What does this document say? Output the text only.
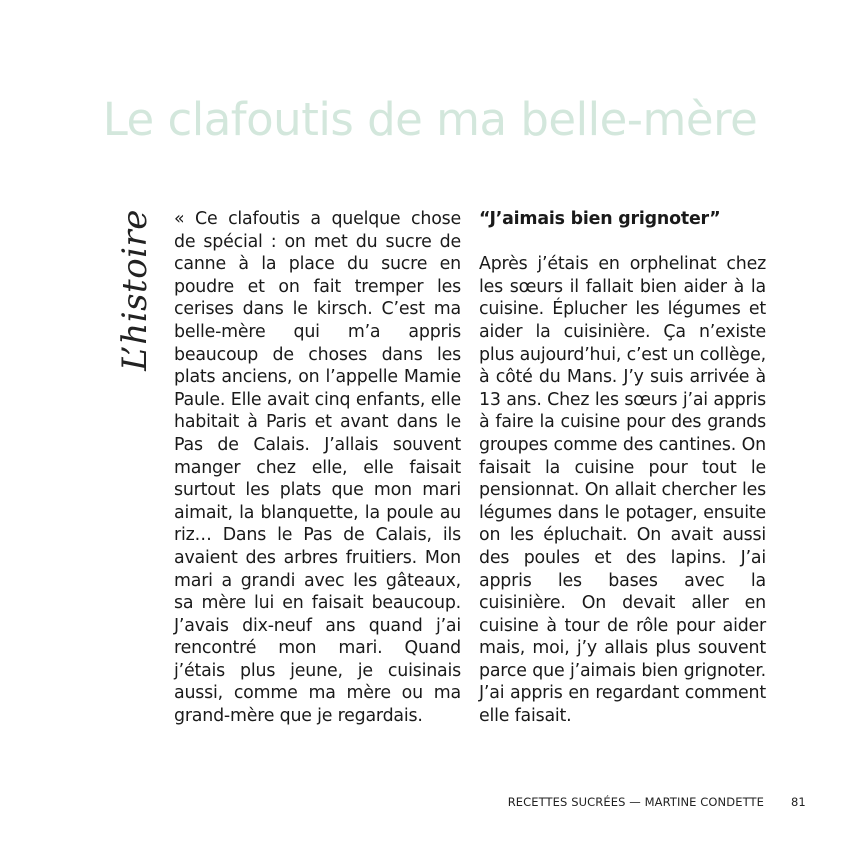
Le clafoutis de ma belle-mère
L’histoire « Ce clafoutis a quelque chose de spécial : on met du sucre de canne à la place du sucre en poudre et on fait tremper les cerises dans le kirsch. C’est ma belle-mère qui m’a appris beaucoup de choses dans les plats anciens, on l’appelle Mamie Paule. Elle avait cinq enfants, elle habitait à Paris et avant dans le Pas de Calais. J’allais souvent manger chez elle, elle faisait surtout les plats que mon mari aimait, la blanquette, la poule au riz… Dans le Pas de Calais, ils avaient des arbres fruitiers. Mon mari a grandi avec les gâteaux, sa mère lui en faisait beaucoup. J’avais dix-neuf ans quand j’ai rencontré mon mari. Quand j’étais plus jeune, je cuisinais aussi, comme ma mère ou ma grand-mère que je regardais.

“J’aimais bien grignoter”

Après j’étais en orphelinat chez les sœurs il fallait bien aider à la cuisine. Éplucher les légumes et aider la cuisinière. Ça n’existe plus aujourd’hui, c’est un collège, à côté du Mans. J’y suis arrivée à 13 ans. Chez les sœurs j’ai appris à faire la cuisine pour des grands groupes comme des cantines. On faisait la cuisine pour tout le pensionnat. On allait chercher les légumes dans le potager, ensuite on les épluchait. On avait aussi des poules et des lapins. J’ai appris les bases avec la cuisinière. On devait aller en cuisine à tour de rôle pour aider mais, moi, j’y allais plus souvent parce que j’aimais bien grignoter. J’ai appris en regardant comment elle faisait.

RECETTES SUCRÉES — MARTINE CONDETTE 81
